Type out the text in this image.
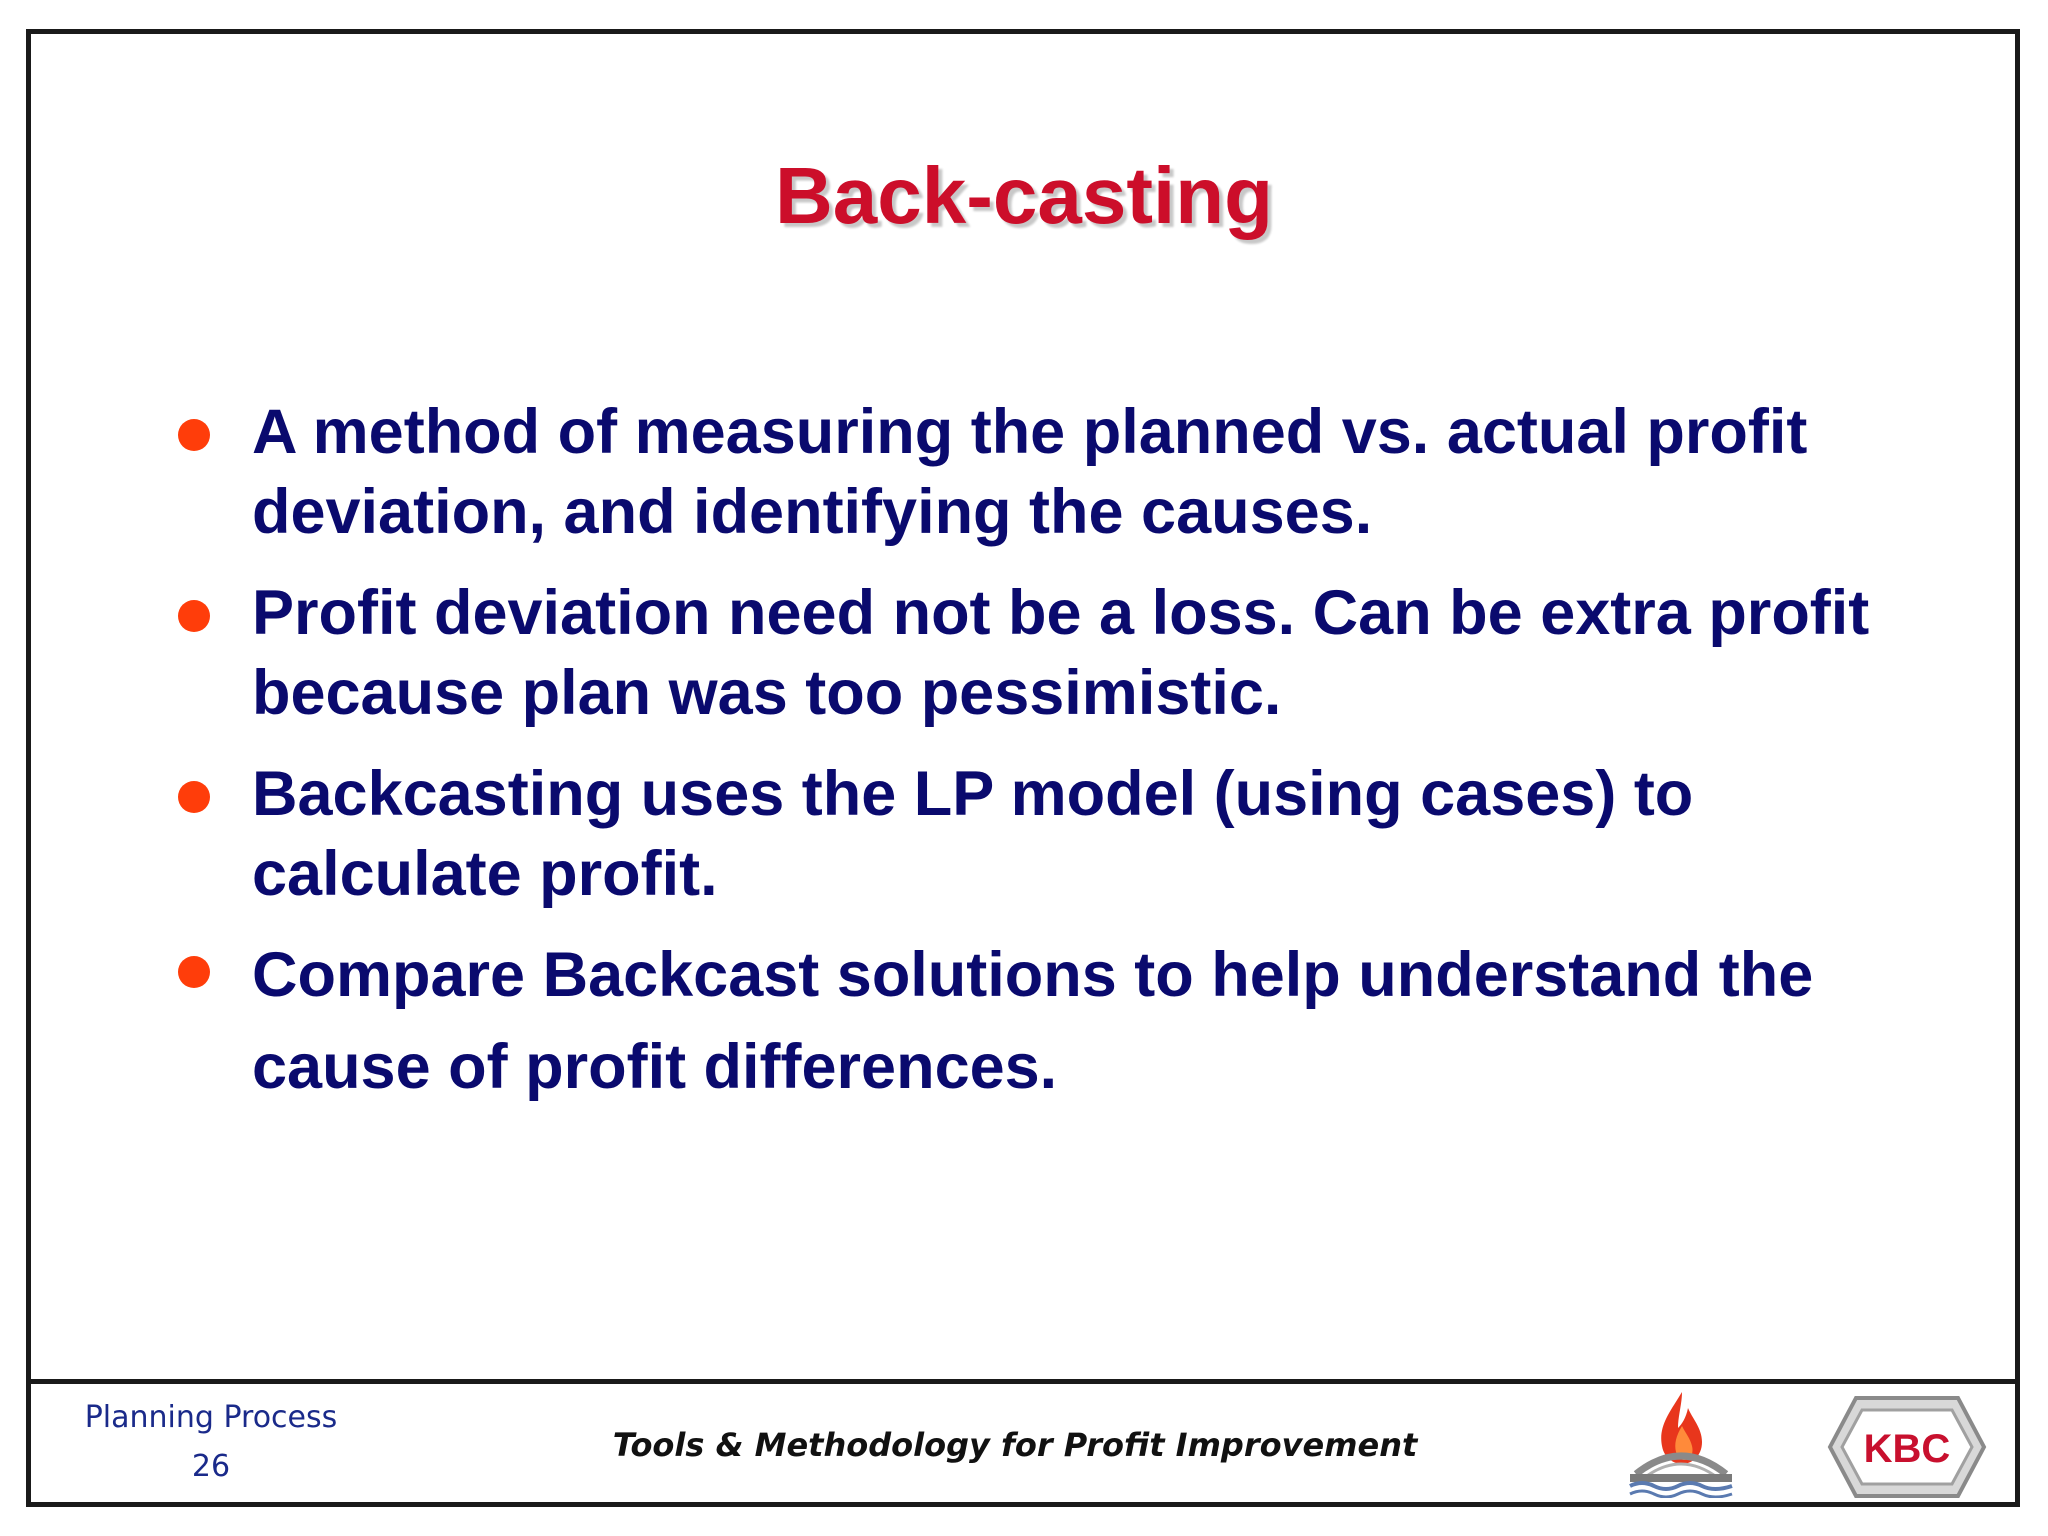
Back-casting
A method of measuring the planned vs. actual profit deviation, and identifying the causes.
Profit deviation need not be a loss. Can be extra profit because plan was too pessimistic.
Backcasting uses the LP model (using cases) to calculate profit.
Compare Backcast solutions to help understand the cause of profit differences.
Planning Process
26
Tools & Methodology for Profit Improvement	KBC
